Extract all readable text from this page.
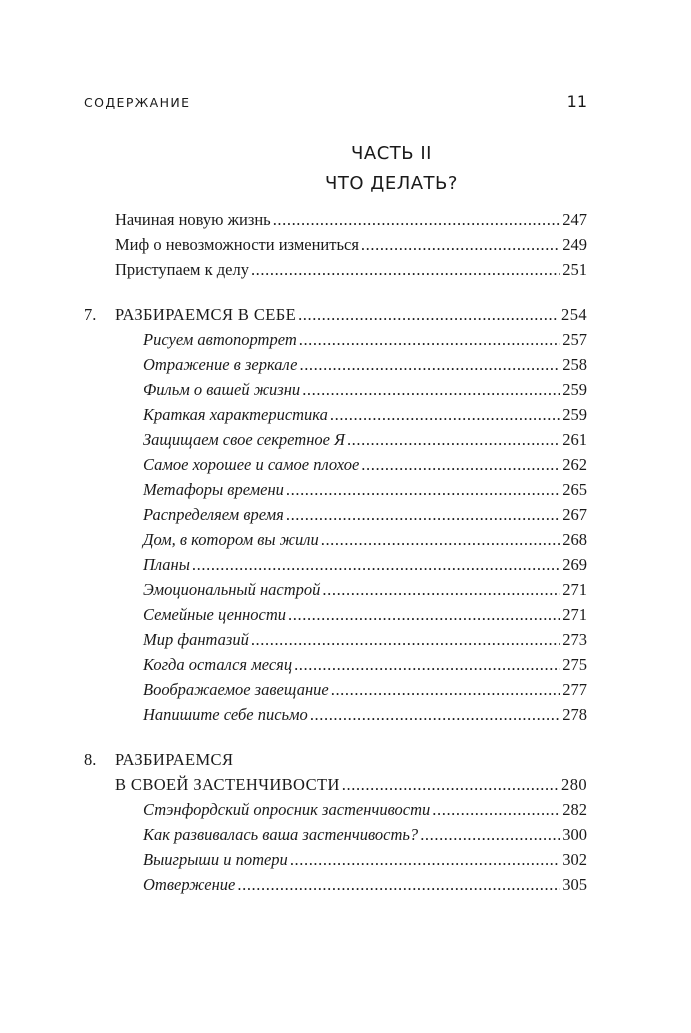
СОДЕРЖАНИЕ	11
ЧАСТЬ II
ЧТО ДЕЛАТЬ?
Начиная новую жизнь .....	247
Миф о невозможности измениться .....	249
Приступаем к делу .....	251
7. РАЗБИРАЕМСЯ В СЕБЕ .....	254
Рисуем автопортрет .....	257
Отражение в зеркале .....	258
Фильм о вашей жизни .....	259
Краткая характеристика .....	259
Защищаем свое секретное Я .....	261
Самое хорошее и самое плохое .....	262
Метафоры времени .....	265
Распределяем время .....	267
Дом, в котором вы жили .....	268
Планы .....	269
Эмоциональный настрой .....	271
Семейные ценности .....	271
Мир фантазий .....	273
Когда остался месяц .....	275
Воображаемое завещание .....	277
Напишите себе письмо .....	278
8. РАЗБИРАЕМСЯ
В СВОЕЙ ЗАСТЕНЧИВОСТИ .....	280
Стэнфордский опросник застенчивости .....	282
Как развивалась ваша застенчивость? .....	300
Выигрыши и потери .....	302
Отвержение .....	305
